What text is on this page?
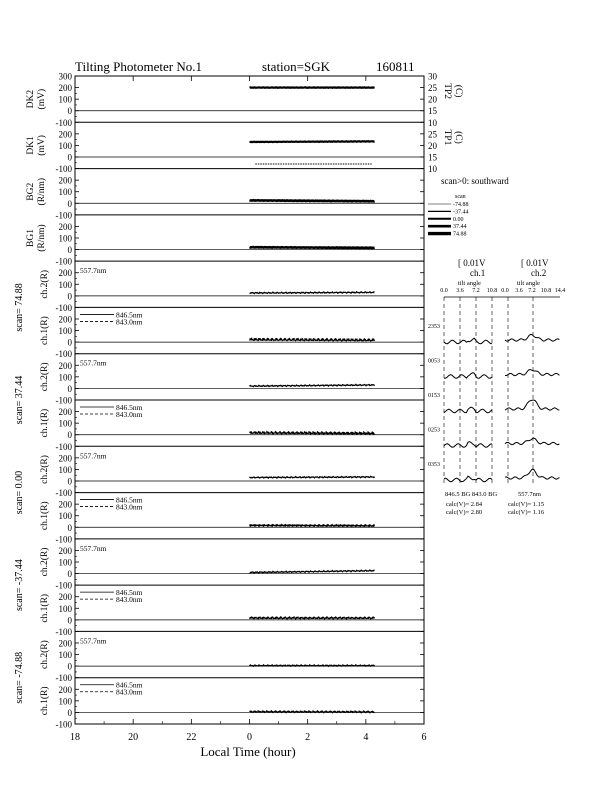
Tilting Photometer No.1	station=SGK	160811
300
200
100
0
-100
DK2 (mV)
30
25
20
15
10
TP2 (C)
200
100
0
-100
DK1 (mV)
25
20
15
10
TP1 (C)
200
100
0
-100
BG2 (R/nm)
200
100
0
-100
BG1 (R/nm)
200
100
0
-100
ch.2(R)	557.7nm
200
100
0
-100
ch.1(R)
846.5nm
843.0nm
200
100
0
-100
ch.2(R)	557.7nm
200
100
0
-100
ch.1(R)
846.5nm
843.0nm
200
100
0
-100
ch.2(R)	557.7nm
200
100
0
-100
ch.1(R)
846.5nm
843.0nm
200
100
0
-100
ch.2(R)	557.7nm
200
100
0
-100
ch.1(R)
846.5nm
843.0nm
200
100
0
-100
ch.2(R)	557.7nm
200
100
0
-100
ch.1(R)
846.5nm
843.0nm
scan= 74.88
scan= 37.44
scan= 0.00
scan= -37.44
scan= -74.88
Local Time (hour)
18	20	22	0	2	4	6
scan>0: southward
scan
-74.88
-37.44
0.00
37.44
74.88
[ 0.01V	[ 0.01V
ch.1	ch.2
tilt angle	tilt angle
0.0 3.6 7.2 10.8 0.0 3.6 7.2 10.8 14.4
2353
0053
0153
0253
0353
846.5 BG 843.0 BG	557.7nm
calc(V)= 2.84
calc(V)= 2.80
calc(V)= 1.15
calc(V)= 1.16
